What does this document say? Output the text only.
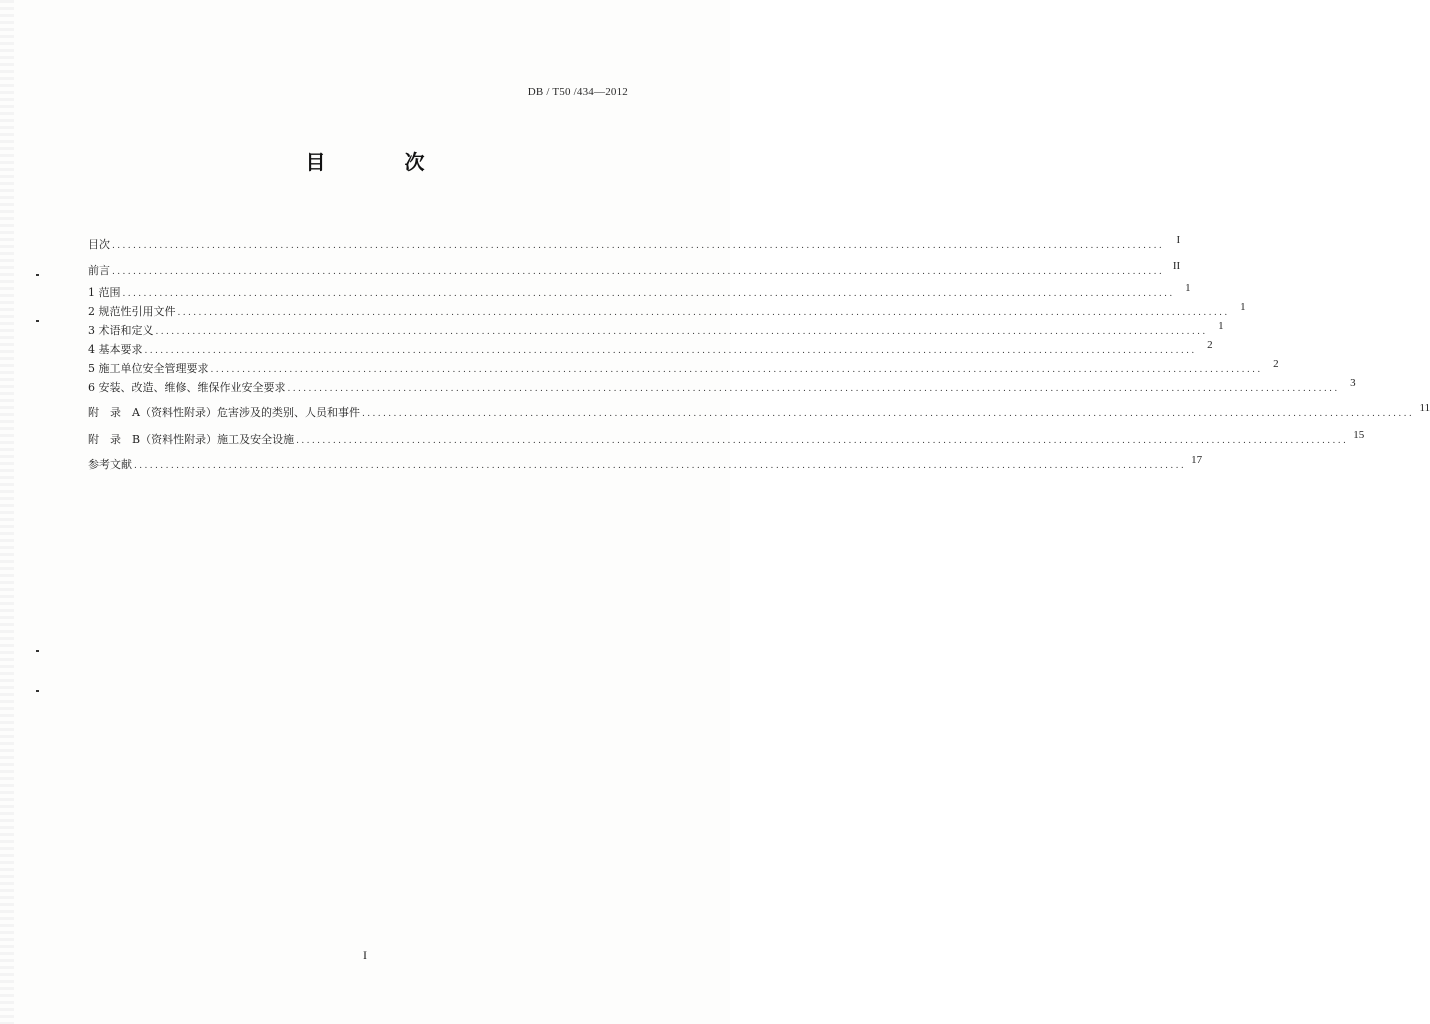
DB / T50 /434—2012
目 次
目次 ........................................................................................................................................................................................................	I
前言 ........................................................................................................................................................................................................ II
1 范围 ........................................................................................................................................................................................................ 1
2 规范性引用文件 ........................................................................................................................................................................................................ 1
3 术语和定义 ........................................................................................................................................................................................................ 1
4 基本要求 ........................................................................................................................................................................................................ 2
5 施工单位安全管理要求 ........................................................................................................................................................................................................ 2
6 安装、改造、维修、维保作业安全要求 ........................................................................................................................................................................................................ 3
附　录　A（资料性附录）危害涉及的类别、人员和事件 ........................................................................................................................................................................................................ 11
附　录　B（资料性附录）施工及安全设施 ........................................................................................................................................................................................................ 15
参考文献 ........................................................................................................................................................................................................ 17
I
